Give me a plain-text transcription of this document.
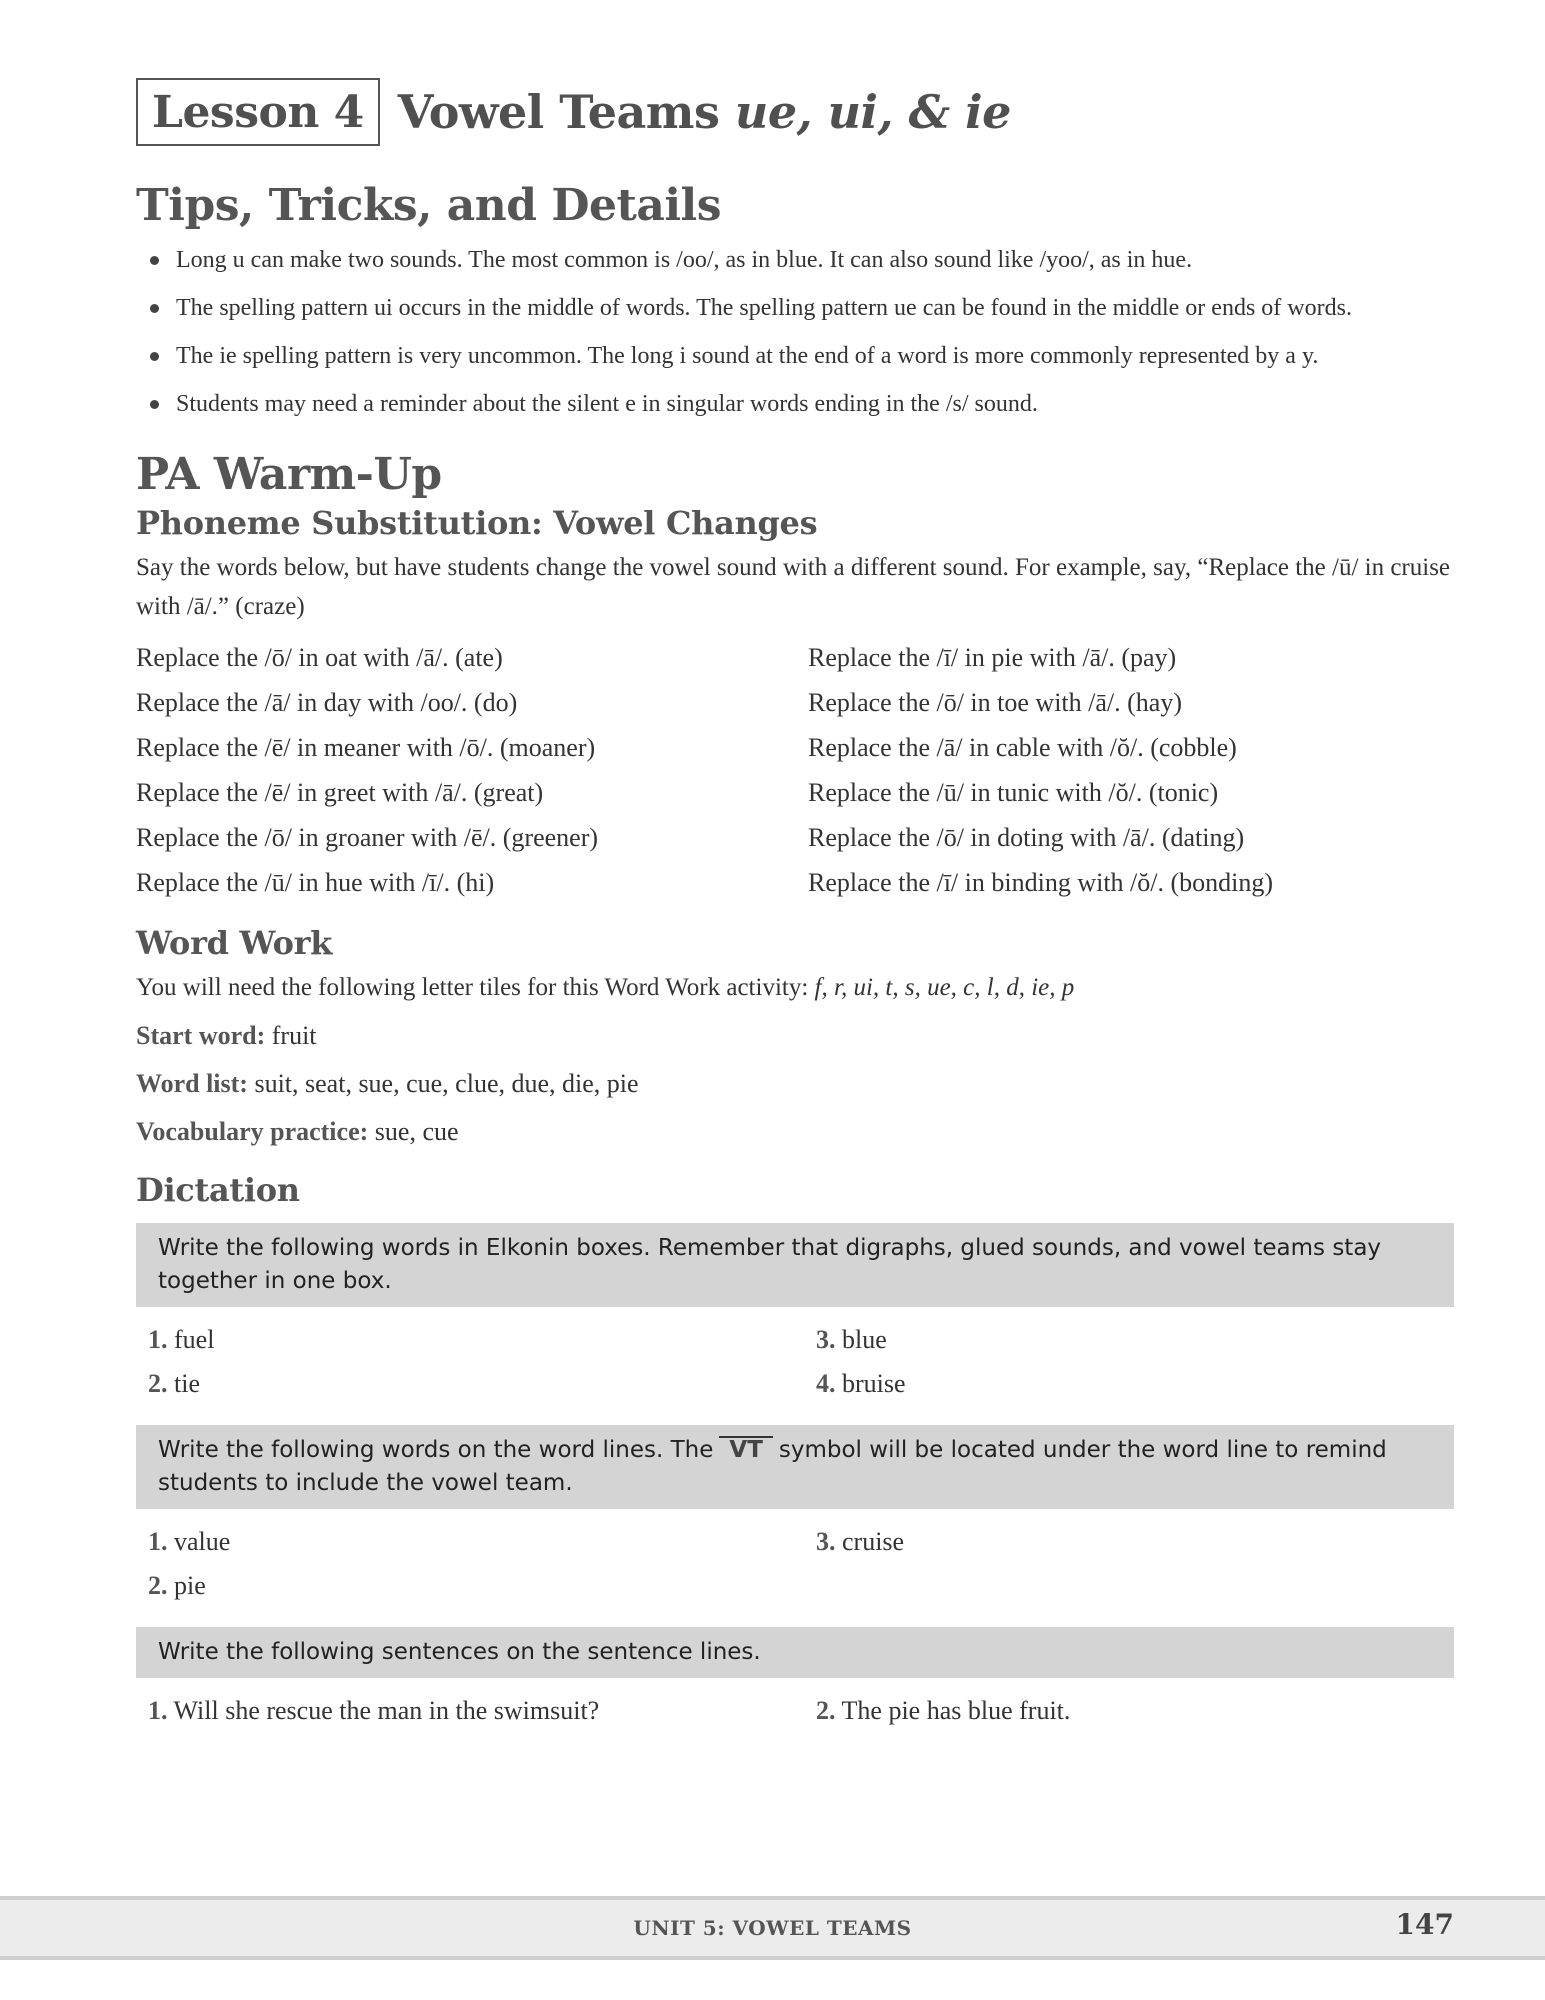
Lesson 4 Vowel Teams ue, ui, & ie
Tips, Tricks, and Details
Long u can make two sounds. The most common is /oo/, as in blue. It can also sound like /yoo/, as in hue.
The spelling pattern ui occurs in the middle of words. The spelling pattern ue can be found in the middle or ends of words.
The ie spelling pattern is very uncommon. The long i sound at the end of a word is more commonly represented by a y.
Students may need a reminder about the silent e in singular words ending in the /s/ sound.
PA Warm-Up
Phoneme Substitution: Vowel Changes
Say the words below, but have students change the vowel sound with a different sound. For example, say, “Replace the /ū/ in cruise with /ā/.” (craze)
Replace the /ō/ in oat with /ā/. (ate)	Replace the /ī/ in pie with /ā/. (pay)
Replace the /ā/ in day with /oo/. (do)	Replace the /ō/ in toe with /ā/. (hay)
Replace the /ē/ in meaner with /ō/. (moaner)	Replace the /ā/ in cable with /ŏ/. (cobble)
Replace the /ē/ in greet with /ā/. (great)	Replace the /ū/ in tunic with /ŏ/. (tonic)
Replace the /ō/ in groaner with /ē/. (greener)	Replace the /ō/ in doting with /ā/. (dating)
Replace the /ū/ in hue with /ī/. (hi)	Replace the /ī/ in binding with /ŏ/. (bonding)
Word Work
You will need the following letter tiles for this Word Work activity: f, r, ui, t, s, ue, c, l, d, ie, p
Start word: fruit
Word list: suit, seat, sue, cue, clue, due, die, pie
Vocabulary practice: sue, cue
Dictation
Write the following words in Elkonin boxes. Remember that digraphs, glued sounds, and vowel teams stay together in one box.
1. fuel	3. blue
2. tie	4. bruise
Write the following words on the word lines. The VT symbol will be located under the word line to remind students to include the vowel team.
1. value	3. cruise
2. pie
Write the following sentences on the sentence lines.
1. Will she rescue the man in the swimsuit?	2. The pie has blue fruit.
UNIT 5: VOWEL TEAMS	147
